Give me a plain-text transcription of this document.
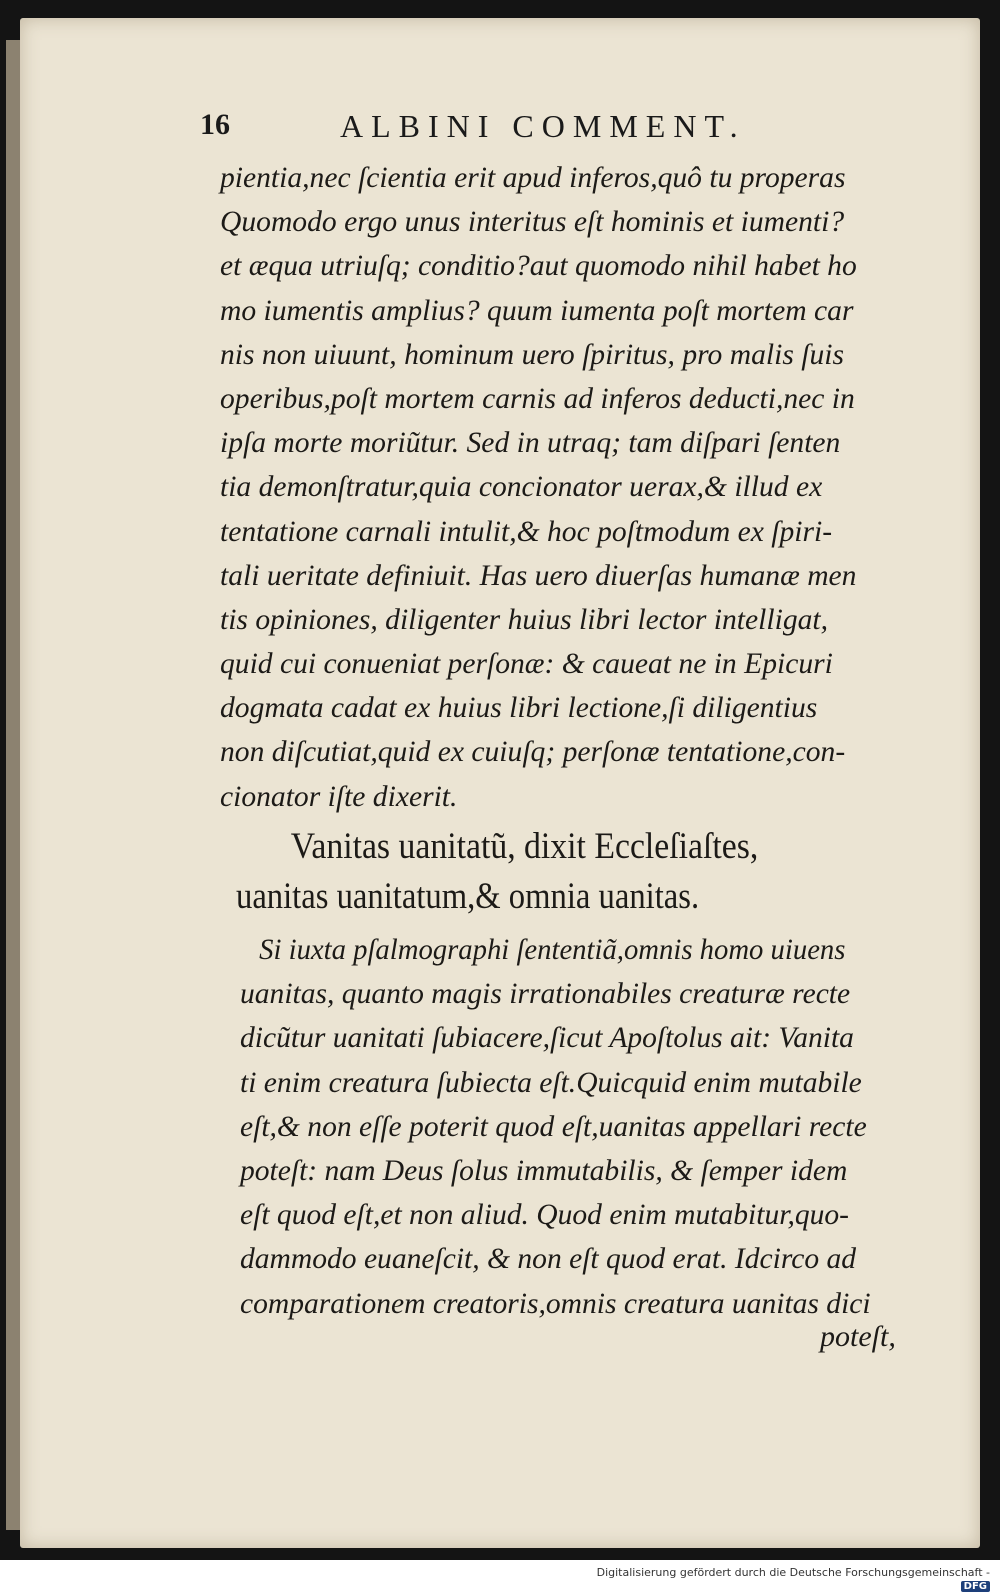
16	ALBINI COMMENT.
pientia,nec ſcientia erit apud inferos,quô tu properas
Quomodo ergo unus interitus eſt hominis et iumenti?
et æqua utriuſq; conditio?aut quomodo nihil habet ho
mo iumentis amplius? quum iumenta poſt mortem car
nis non uiuunt, hominum uero ſpiritus, pro malis ſuis
operibus,poſt mortem carnis ad inferos deducti,nec in
ipſa morte moriũtur. Sed in utraq; tam diſpari ſenten
tia demonſtratur,quia concionator uerax,& illud ex
tentatione carnali intulit,& hoc poſtmodum ex ſpiri-
tali ueritate definiuit. Has uero diuerſas humanæ men
tis opiniones, diligenter huius libri lector intelligat,
quid cui conueniat perſonæ: & caueat ne in Epicuri
dogmata cadat ex huius libri lectione,ſi diligentius
non diſcutiat,quid ex cuiuſq; perſonæ tentatione,con-
cionator iſte dixerit.
Vanitas uanitatũ, dixit Eccleſiaſtes,
uanitas uanitatum,& omnia uanitas.
Si iuxta pſalmographi ſententiã,omnis homo uiuens
uanitas, quanto magis irrationabiles creaturæ recte
dicũtur uanitati ſubiacere,ſicut Apoſtolus ait: Vanita
ti enim creatura ſubiecta eſt.Quicquid enim mutabile
eſt,& non eſſe poterit quod eſt,uanitas appellari recte
poteſt: nam Deus ſolus immutabilis, & ſemper idem
eſt quod eſt,et non aliud. Quod enim mutabitur,quo-
dammodo euaneſcit, & non eſt quod erat. Idcirco ad
comparationem creatoris,omnis creatura uanitas dici
poteſt,
Digitalisierung gefördert durch die Deutsche Forschungsgemeinschaft - DFG
